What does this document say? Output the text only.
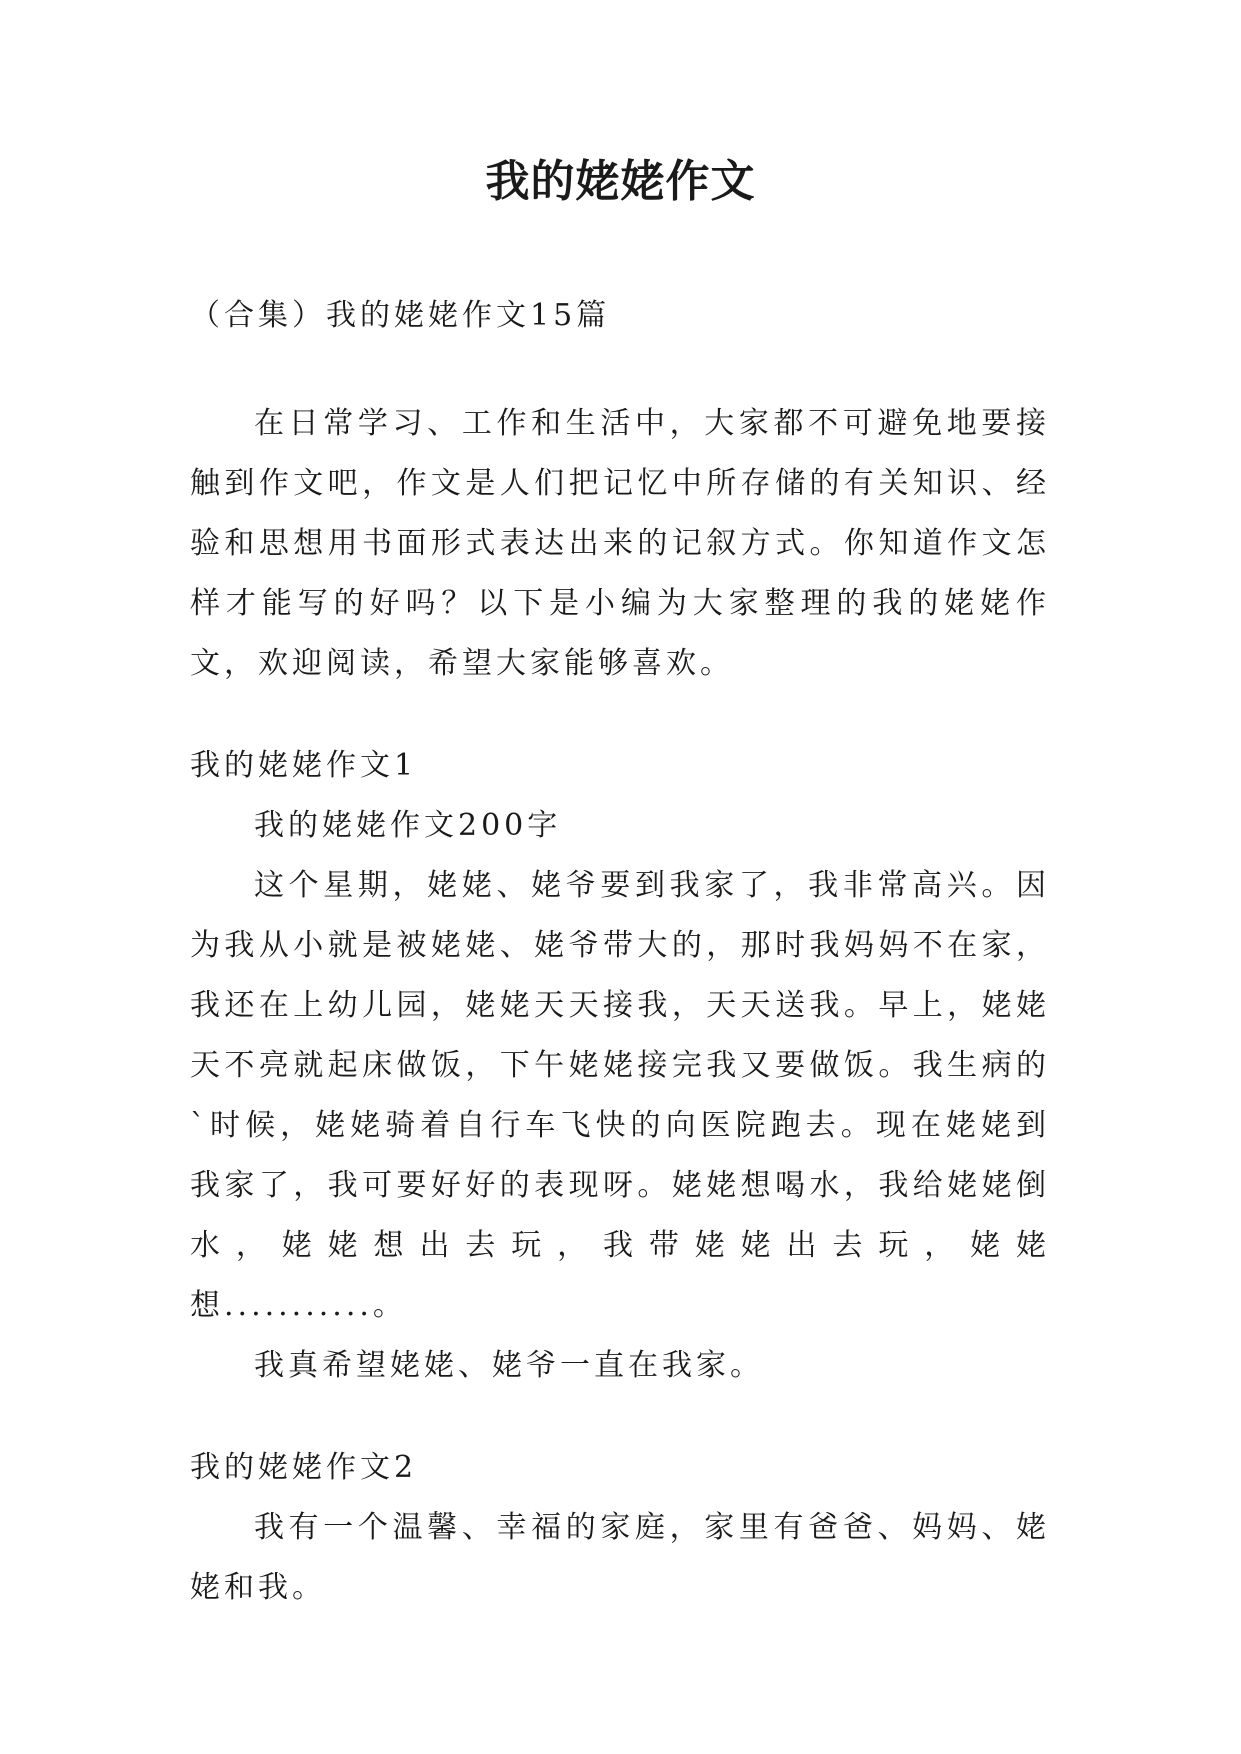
我的姥姥作文

（合集）我的姥姥作文15篇

在日常学习、工作和生活中，大家都不可避免地要接触到作文吧，作文是人们把记忆中所存储的有关知识、经验和思想用书面形式表达出来的记叙方式。你知道作文怎样才能写的好吗？以下是小编为大家整理的我的姥姥作文，欢迎阅读，希望大家能够喜欢。

我的姥姥作文1

我的姥姥作文200字

这个星期，姥姥、姥爷要到我家了，我非常高兴。因为我从小就是被姥姥、姥爷带大的，那时我妈妈不在家，我还在上幼儿园，姥姥天天接我，天天送我。早上，姥姥天不亮就起床做饭，下午姥姥接完我又要做饭。我生病的`时候，姥姥骑着自行车飞快的向医院跑去。现在姥姥到我家了，我可要好好的表现呀。姥姥想喝水，我给姥姥倒水，姥姥想出去玩，我带姥姥出去玩，姥姥想...........。

我真希望姥姥、姥爷一直在我家。

我的姥姥作文2

我有一个温馨、幸福的家庭，家里有爸爸、妈妈、姥姥和我。
